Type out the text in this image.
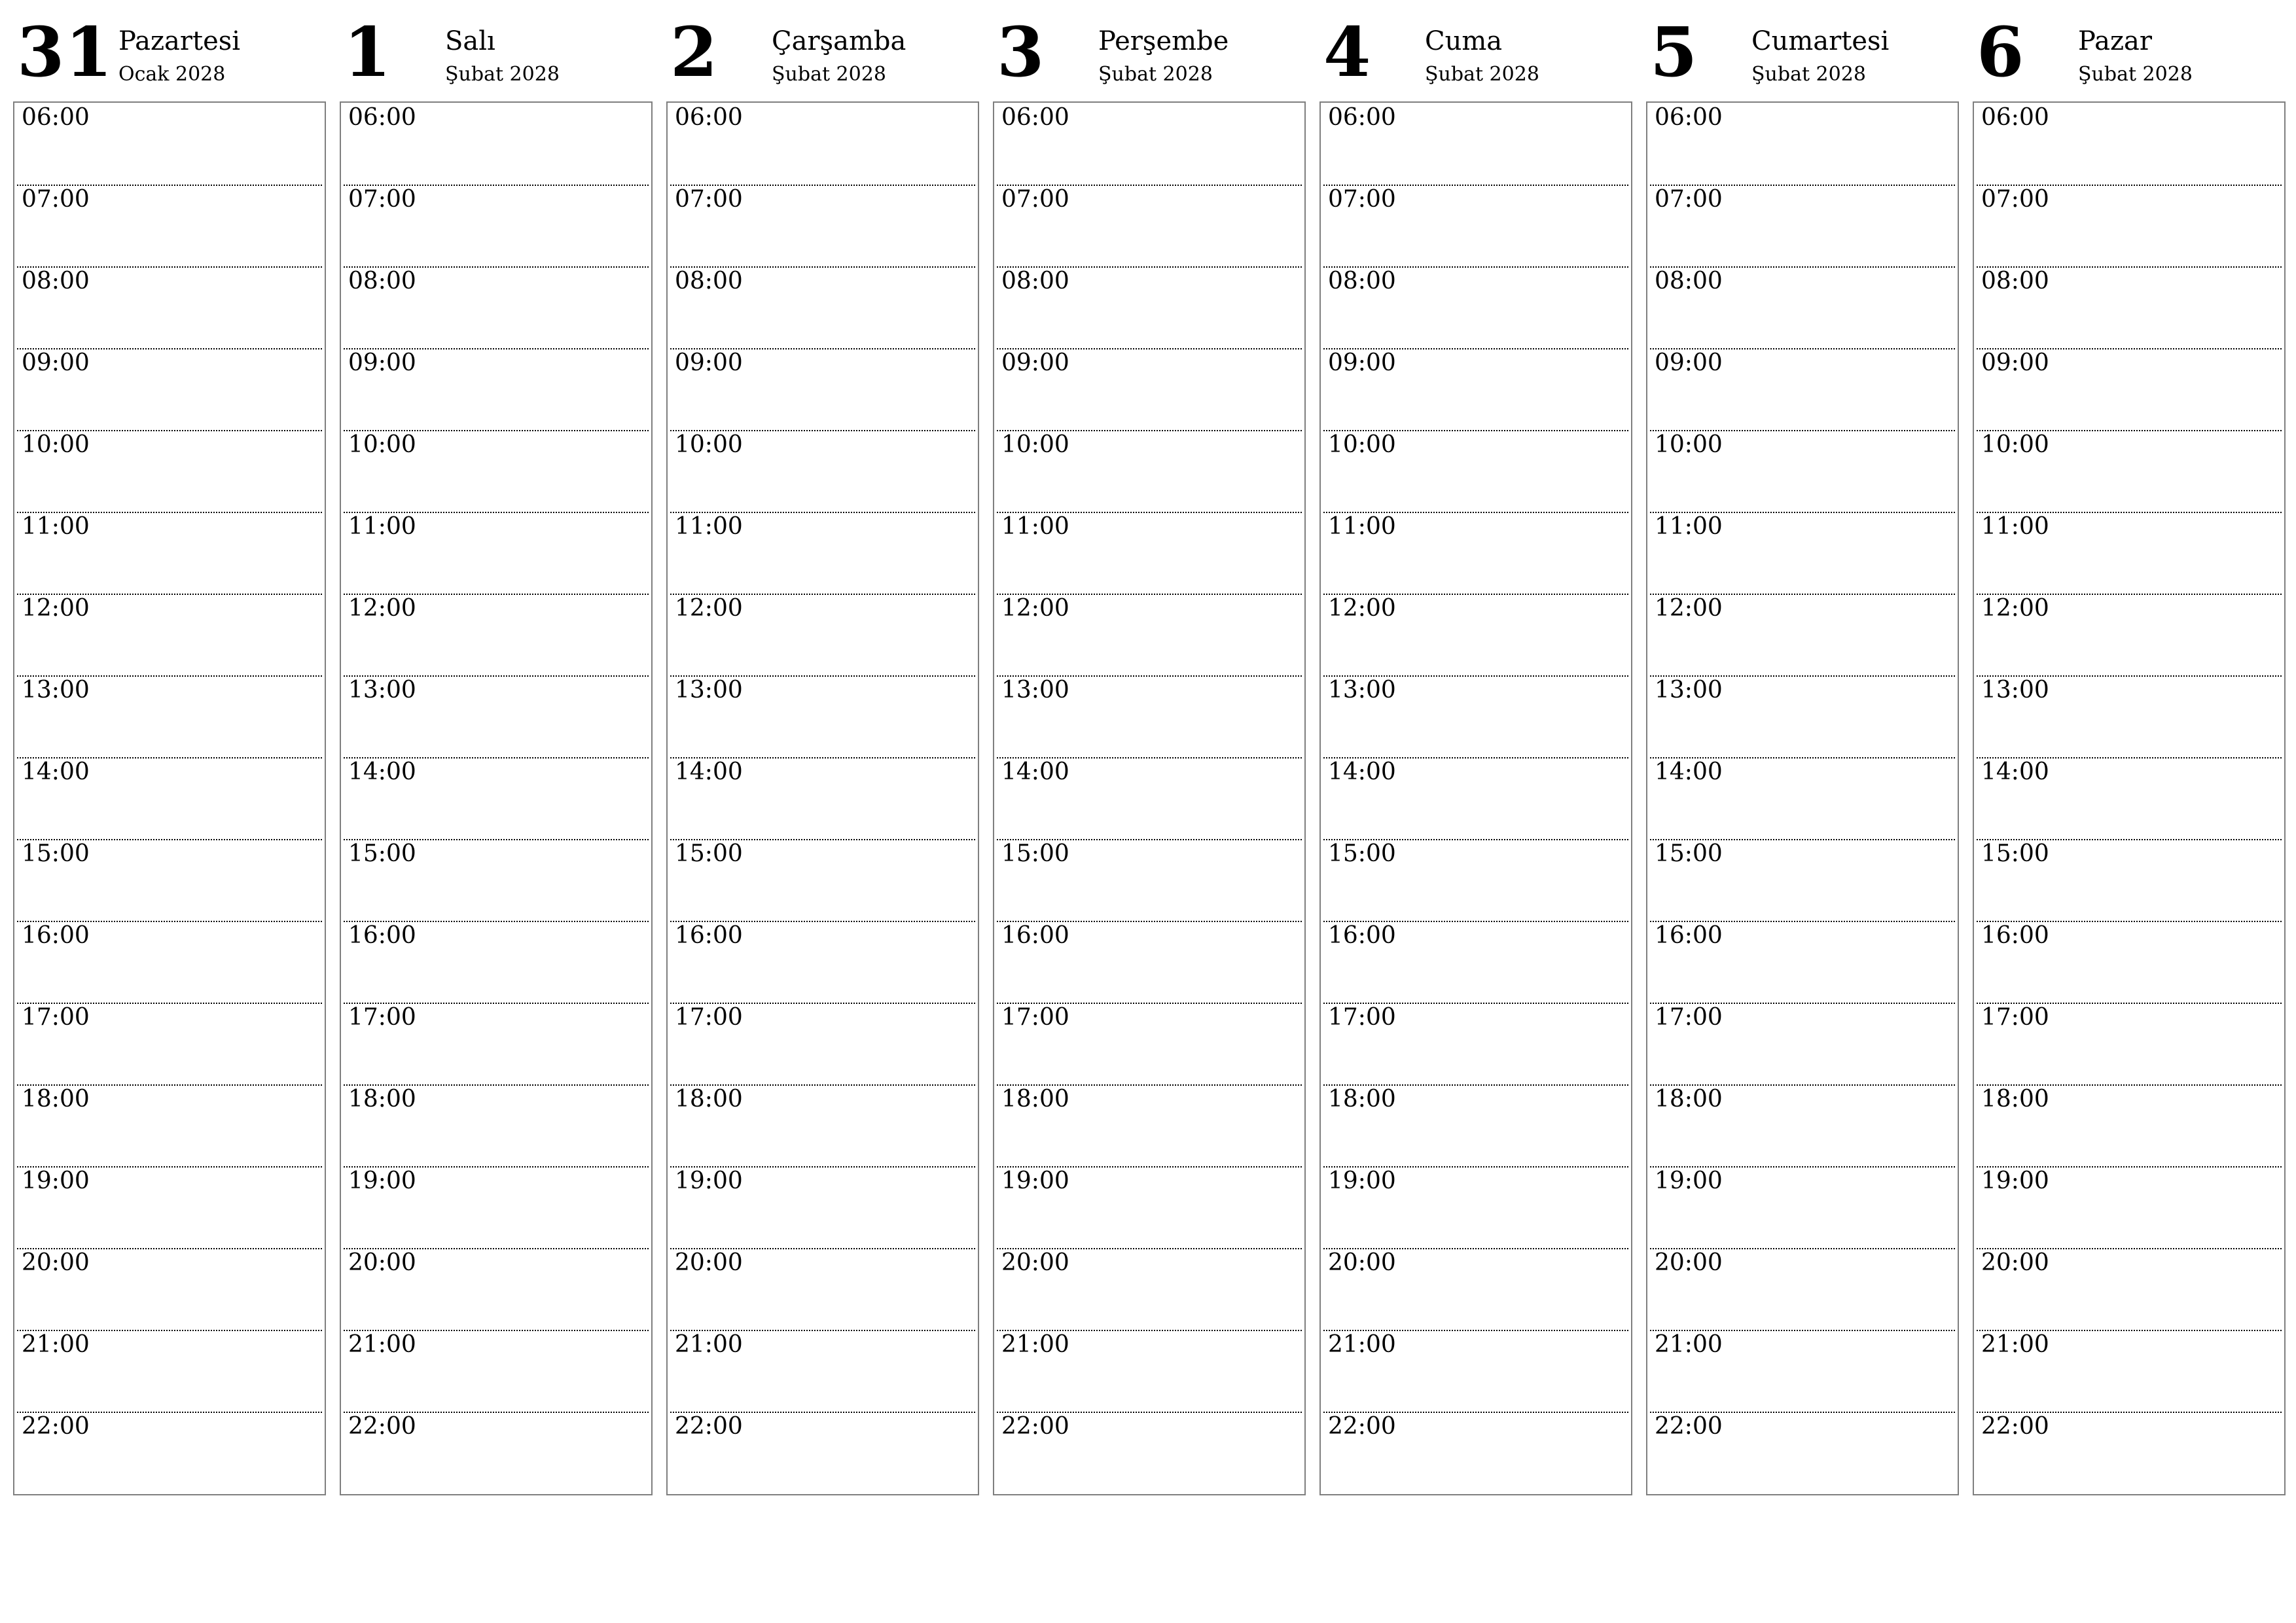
31 Pazartesi
Ocak 2028
06:00
07:00
08:00
09:00
10:00
11:00
12:00
13:00
14:00
15:00
16:00
17:00
18:00
19:00
20:00
21:00
22:00
1 Salı
Şubat 2028
06:00
07:00
08:00
09:00
10:00
11:00
12:00
13:00
14:00
15:00
16:00
17:00
18:00
19:00
20:00
21:00
22:00
2 Çarşamba
Şubat 2028
06:00
07:00
08:00
09:00
10:00
11:00
12:00
13:00
14:00
15:00
16:00
17:00
18:00
19:00
20:00
21:00
22:00
3 Perşembe
Şubat 2028
06:00
07:00
08:00
09:00
10:00
11:00
12:00
13:00
14:00
15:00
16:00
17:00
18:00
19:00
20:00
21:00
22:00
4 Cuma
Şubat 2028
06:00
07:00
08:00
09:00
10:00
11:00
12:00
13:00
14:00
15:00
16:00
17:00
18:00
19:00
20:00
21:00
22:00
5 Cumartesi
Şubat 2028
06:00
07:00
08:00
09:00
10:00
11:00
12:00
13:00
14:00
15:00
16:00
17:00
18:00
19:00
20:00
21:00
22:00
6 Pazar
Şubat 2028
06:00
07:00
08:00
09:00
10:00
11:00
12:00
13:00
14:00
15:00
16:00
17:00
18:00
19:00
20:00
21:00
22:00
